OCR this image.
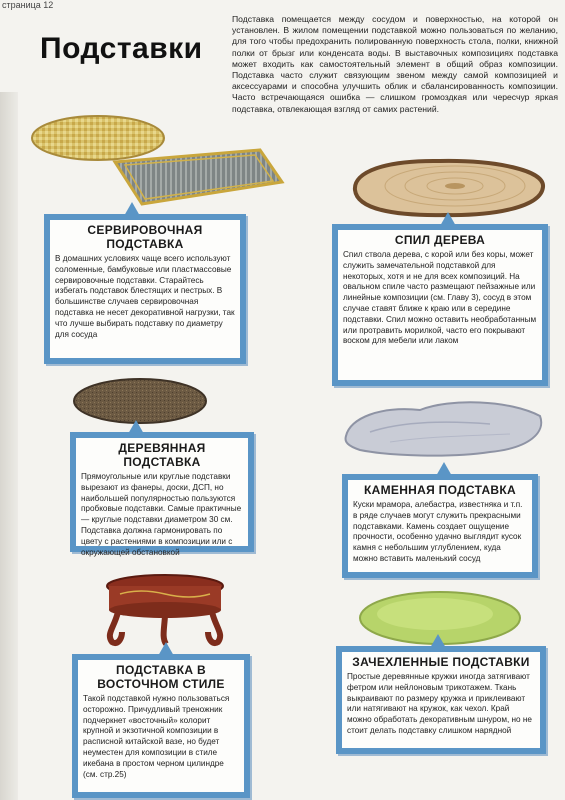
страница 12
Подставки

Подставка помещается между сосудом и поверхностью, на которой он установлен. В жилом помещении подставкой можно пользоваться по желанию, для того чтобы предохранить полированную поверхность стола, полки, книжной полки от брызг или конденсата воды. В выставочных композициях подставка может входить как самостоятельный элемент в общий образ композиции. Подставка часто служит связующим звеном между самой композицией и аксессуарами и способна улучшить облик и сбалансированность композиции. Часто встречающаяся ошибка — слишком громоздкая или чересчур яркая подставка, отвлекающая взгляд от самих растений.

СЕРВИРОВОЧНАЯ ПОДСТАВКА
В домашних условиях чаще всего используют соломенные, бамбуковые или пластмассовые сервировочные подставки. Старайтесь избегать подставок блестящих и пестрых. В большинстве случаев сервировочная подставка не несет декоративной нагрузки, так что лучше выбирать подставку по диаметру для сосуда
СПИЛ ДЕРЕВА
Спил ствола дерева, с корой или без коры, может служить замечательной подставкой для некоторых, хотя и не для всех композиций. На овальном спиле часто размещают пейзажные или линейные композиции (см. Главу 3), сосуд в этом случае ставят ближе к краю или в середине подставки. Спил можно оставить необработанным или протравить морилкой, часто его покрывают воском для мебели или лаком
ДЕРЕВЯННАЯ ПОДСТАВКА
Прямоугольные или круглые подставки вырезают из фанеры, доски, ДСП, но наибольшей популярностью пользуются пробковые подставки. Самые практичные — круглые подставки диаметром 30 см. Подставка должна гармонировать по цвету с растениями в композиции или с окружающей обстановкой
КАМЕННАЯ ПОДСТАВКА
Куски мрамора, алебастра, известняка и т.п. в ряде случаев могут служить прекрасными подставками. Камень создает ощущение прочности, особенно удачно выглядит кусок камня с небольшим углублением, куда можно вставить маленький сосуд
ПОДСТАВКА В ВОСТОЧНОМ СТИЛЕ
Такой подставкой нужно пользоваться осторожно. Причудливый треножник подчеркнет «восточный» колорит крупной и экзотичной композиции в расписной китайской вазе, но будет неуместен для композиции в стиле икебана в простом черном цилиндре (см. стр.25)
ЗАЧЕХЛЕННЫЕ ПОДСТАВКИ
Простые деревянные кружки иногда затягивают фетром или нейлоновым трикотажем. Ткань выкраивают по размеру кружка и приклеивают или натягивают на кружок, как чехол. Край можно обработать декоративным шнуром, но не стоит делать подставку слишком нарядной
